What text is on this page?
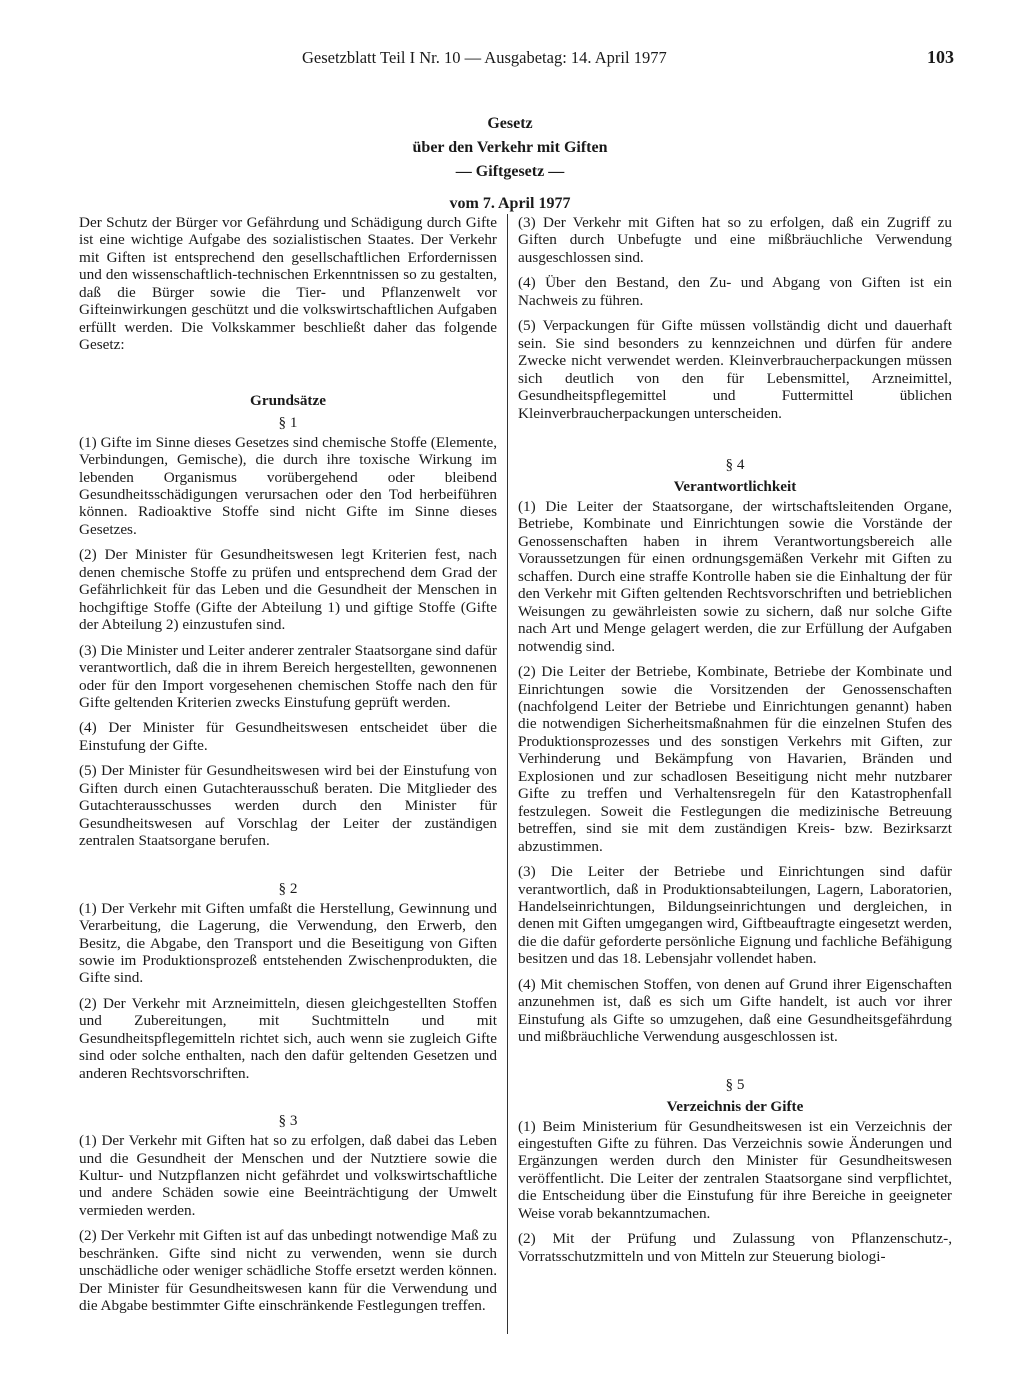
Gesetzblatt Teil I Nr. 10 — Ausgabetag: 14. April 1977	103
Gesetz
über den Verkehr mit Giften
— Giftgesetz —
vom 7. April 1977

Der Schutz der Bürger vor Gefährdung und Schädigung durch Gifte ist eine wichtige Aufgabe des sozialistischen Staates. Der Verkehr mit Giften ist entsprechend den gesellschaftlichen Erfordernissen und den wissenschaftlich-technischen Erkenntnissen so zu gestalten, daß die Bürger sowie die Tier- und Pflanzenwelt vor Gifteinwirkungen geschützt und die volkswirtschaftlichen Aufgaben erfüllt werden. Die Volkskammer beschließt daher das folgende Gesetz:

Grundsätze
§ 1

(1) Gifte im Sinne dieses Gesetzes sind chemische Stoffe (Elemente, Verbindungen, Gemische), die durch ihre toxische Wirkung im lebenden Organismus vorübergehend oder bleibend Gesundheitsschädigungen verursachen oder den Tod herbeiführen können. Radioaktive Stoffe sind nicht Gifte im Sinne dieses Gesetzes.

(2) Der Minister für Gesundheitswesen legt Kriterien fest, nach denen chemische Stoffe zu prüfen und entsprechend dem Grad der Gefährlichkeit für das Leben und die Gesundheit der Menschen in hochgiftige Stoffe (Gifte der Abteilung 1) und giftige Stoffe (Gifte der Abteilung 2) einzustufen sind.

(3) Die Minister und Leiter anderer zentraler Staatsorgane sind dafür verantwortlich, daß die in ihrem Bereich hergestellten, gewonnenen oder für den Import vorgesehenen chemischen Stoffe nach den für Gifte geltenden Kriterien zwecks Einstufung geprüft werden.

(4) Der Minister für Gesundheitswesen entscheidet über die Einstufung der Gifte.

(5) Der Minister für Gesundheitswesen wird bei der Einstufung von Giften durch einen Gutachterausschuß beraten. Die Mitglieder des Gutachterausschusses werden durch den Minister für Gesundheitswesen auf Vorschlag der Leiter der zuständigen zentralen Staatsorgane berufen.

§ 2

(1) Der Verkehr mit Giften umfaßt die Herstellung, Gewinnung und Verarbeitung, die Lagerung, die Verwendung, den Erwerb, den Besitz, die Abgabe, den Transport und die Beseitigung von Giften sowie im Produktionsprozeß entstehenden Zwischenprodukten, die Gifte sind.

(2) Der Verkehr mit Arzneimitteln, diesen gleichgestellten Stoffen und Zubereitungen, mit Suchtmitteln und mit Gesundheitspflegemitteln richtet sich, auch wenn sie zugleich Gifte sind oder solche enthalten, nach den dafür geltenden Gesetzen und anderen Rechtsvorschriften.

§ 3

(1) Der Verkehr mit Giften hat so zu erfolgen, daß dabei das Leben und die Gesundheit der Menschen und der Nutztiere sowie die Kultur- und Nutzpflanzen nicht gefährdet und volkswirtschaftliche und andere Schäden sowie eine Beeinträchtigung der Umwelt vermieden werden.

(2) Der Verkehr mit Giften ist auf das unbedingt notwendige Maß zu beschränken. Gifte sind nicht zu verwenden, wenn sie durch unschädliche oder weniger schädliche Stoffe ersetzt werden können. Der Minister für Gesundheitswesen kann für die Verwendung und die Abgabe bestimmter Gifte einschränkende Festlegungen treffen.

(3) Der Verkehr mit Giften hat so zu erfolgen, daß ein Zugriff zu Giften durch Unbefugte und eine mißbräuchliche Verwendung ausgeschlossen sind.

(4) Über den Bestand, den Zu- und Abgang von Giften ist ein Nachweis zu führen.

(5) Verpackungen für Gifte müssen vollständig dicht und dauerhaft sein. Sie sind besonders zu kennzeichnen und dürfen für andere Zwecke nicht verwendet werden. Kleinverbraucherpackungen müssen sich deutlich von den für Lebensmittel, Arzneimittel, Gesundheitspflegemittel und Futtermittel üblichen Kleinverbraucherpackungen unterscheiden.

§ 4
Verantwortlichkeit

(1) Die Leiter der Staatsorgane, der wirtschaftsleitenden Organe, Betriebe, Kombinate und Einrichtungen sowie die Vorstände der Genossenschaften haben in ihrem Verantwortungsbereich alle Voraussetzungen für einen ordnungsgemäßen Verkehr mit Giften zu schaffen. Durch eine straffe Kontrolle haben sie die Einhaltung der für den Verkehr mit Giften geltenden Rechtsvorschriften und betrieblichen Weisungen zu gewährleisten sowie zu sichern, daß nur solche Gifte nach Art und Menge gelagert werden, die zur Erfüllung der Aufgaben notwendig sind.

(2) Die Leiter der Betriebe, Kombinate, Betriebe der Kombinate und Einrichtungen sowie die Vorsitzenden der Genossenschaften (nachfolgend Leiter der Betriebe und Einrichtungen genannt) haben die notwendigen Sicherheitsmaßnahmen für die einzelnen Stufen des Produktionsprozesses und des sonstigen Verkehrs mit Giften, zur Verhinderung und Bekämpfung von Havarien, Bränden und Explosionen und zur schadlosen Beseitigung nicht mehr nutzbarer Gifte zu treffen und Verhaltensregeln für den Katastrophenfall festzulegen. Soweit die Festlegungen die medizinische Betreuung betreffen, sind sie mit dem zuständigen Kreis- bzw. Bezirksarzt abzustimmen.

(3) Die Leiter der Betriebe und Einrichtungen sind dafür verantwortlich, daß in Produktionsabteilungen, Lagern, Laboratorien, Handelseinrichtungen, Bildungseinrichtungen und dergleichen, in denen mit Giften umgegangen wird, Giftbeauftragte eingesetzt werden, die die dafür geforderte persönliche Eignung und fachliche Befähigung besitzen und das 18. Lebensjahr vollendet haben.

(4) Mit chemischen Stoffen, von denen auf Grund ihrer Eigenschaften anzunehmen ist, daß es sich um Gifte handelt, ist auch vor ihrer Einstufung als Gifte so umzugehen, daß eine Gesundheitsgefährdung und mißbräuchliche Verwendung ausgeschlossen ist.

§ 5
Verzeichnis der Gifte

(1) Beim Ministerium für Gesundheitswesen ist ein Verzeichnis der eingestuften Gifte zu führen. Das Verzeichnis sowie Änderungen und Ergänzungen werden durch den Minister für Gesundheitswesen veröffentlicht. Die Leiter der zentralen Staatsorgane sind verpflichtet, die Entscheidung über die Einstufung für ihre Bereiche in geeigneter Weise vorab bekanntzumachen.

(2) Mit der Prüfung und Zulassung von Pflanzenschutz-, Vorratsschutzmitteln und von Mitteln zur Steuerung biologi-
